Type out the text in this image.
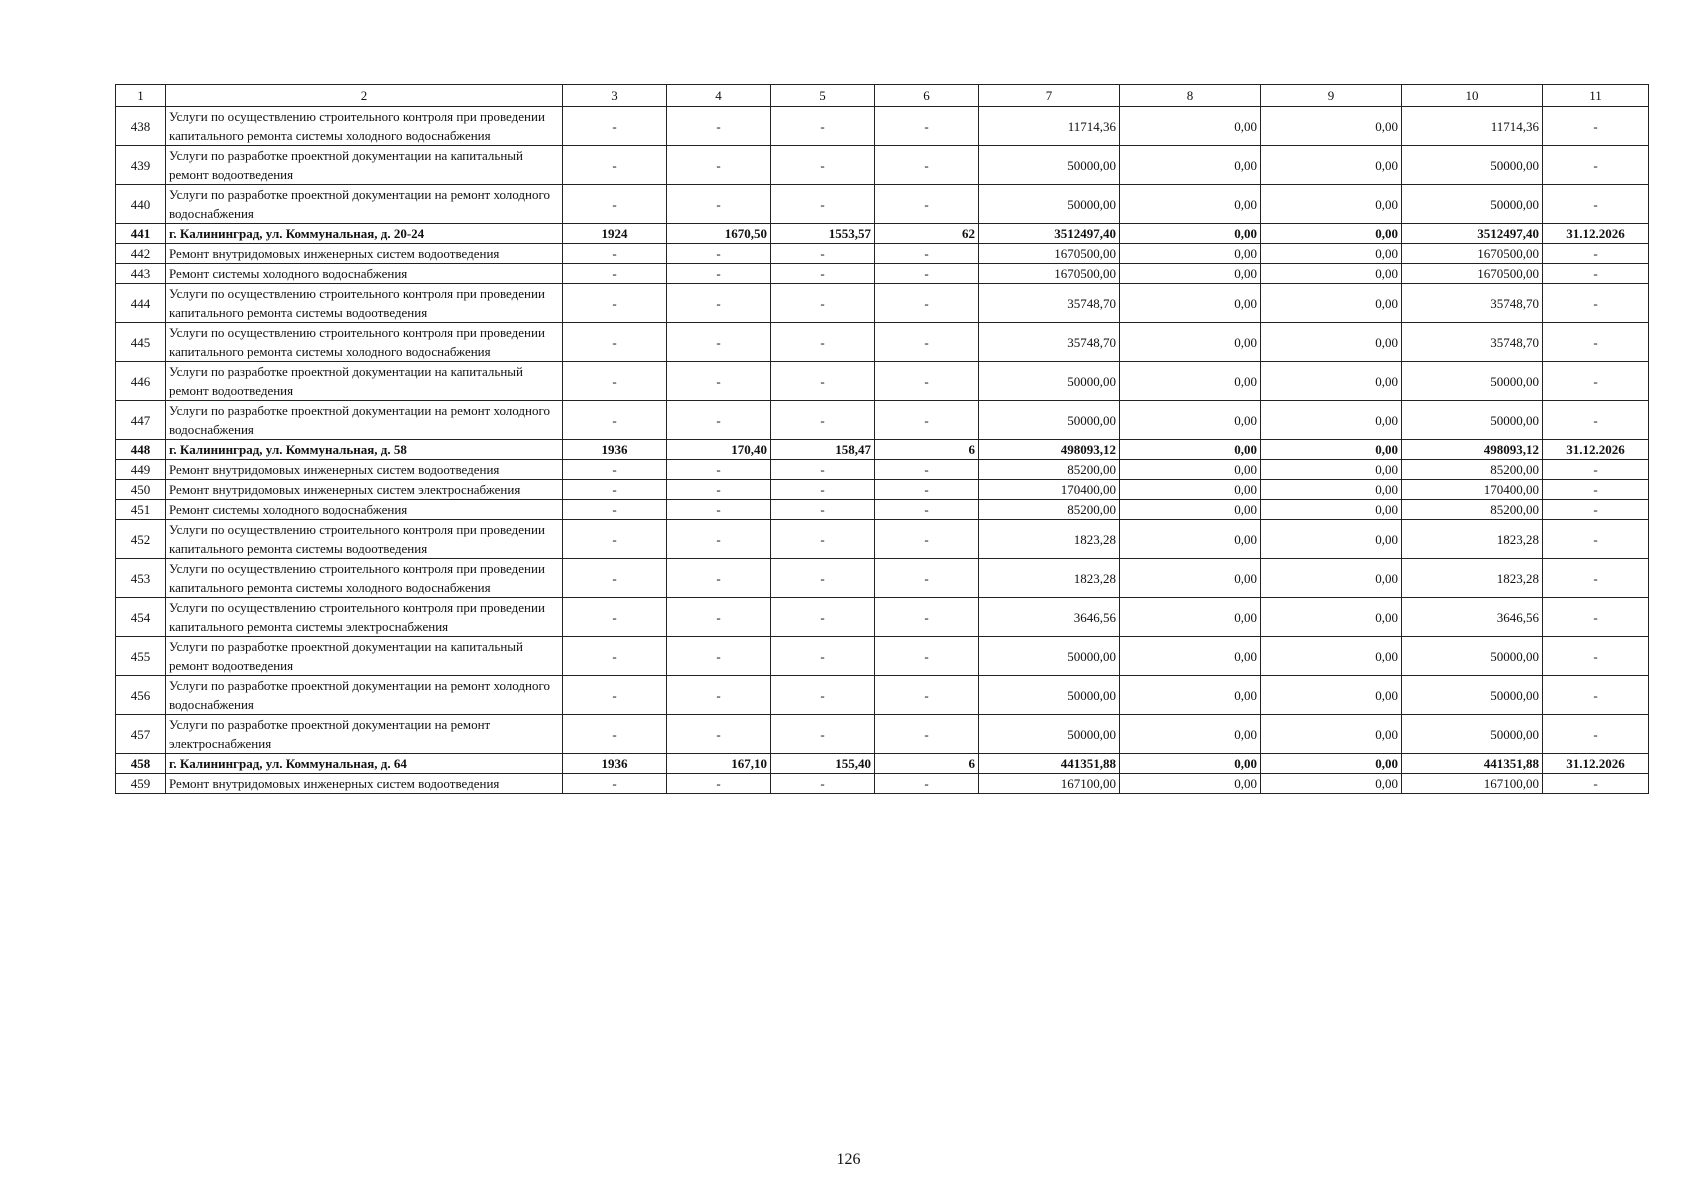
1	2	3	4	5	6	7	8	9	10	11
438	Услуги по осуществлению строительного контроля при проведении капитального ремонта системы холодного водоснабжения	-	-	-	-	11714,36	0,00	0,00	11714,36	-
439	Услуги по разработке проектной документации на капитальный ремонт водоотведения	-	-	-	-	50000,00	0,00	0,00	50000,00	-
440	Услуги по разработке проектной документации на ремонт холодного водоснабжения	-	-	-	-	50000,00	0,00	0,00	50000,00	-
441	г. Калининград, ул. Коммунальная, д. 20-24	1924	1670,50	1553,57	62	3512497,40	0,00	0,00	3512497,40	31.12.2026
442	Ремонт внутридомовых инженерных систем водоотведения	-	-	-	-	1670500,00	0,00	0,00	1670500,00	-
443	Ремонт системы холодного водоснабжения	-	-	-	-	1670500,00	0,00	0,00	1670500,00	-
444	Услуги по осуществлению строительного контроля при проведении капитального ремонта системы водоотведения	-	-	-	-	35748,70	0,00	0,00	35748,70	-
445	Услуги по осуществлению строительного контроля при проведении капитального ремонта системы холодного водоснабжения	-	-	-	-	35748,70	0,00	0,00	35748,70	-
446	Услуги по разработке проектной документации на капитальный ремонт водоотведения	-	-	-	-	50000,00	0,00	0,00	50000,00	-
447	Услуги по разработке проектной документации на ремонт холодного водоснабжения	-	-	-	-	50000,00	0,00	0,00	50000,00	-
448	г. Калининград, ул. Коммунальная, д. 58	1936	170,40	158,47	6	498093,12	0,00	0,00	498093,12	31.12.2026
449	Ремонт внутридомовых инженерных систем водоотведения	-	-	-	-	85200,00	0,00	0,00	85200,00	-
450	Ремонт внутридомовых инженерных систем электроснабжения	-	-	-	-	170400,00	0,00	0,00	170400,00	-
451	Ремонт системы холодного водоснабжения	-	-	-	-	85200,00	0,00	0,00	85200,00	-
452	Услуги по осуществлению строительного контроля при проведении капитального ремонта системы водоотведения	-	-	-	-	1823,28	0,00	0,00	1823,28	-
453	Услуги по осуществлению строительного контроля при проведении капитального ремонта системы холодного водоснабжения	-	-	-	-	1823,28	0,00	0,00	1823,28	-
454	Услуги по осуществлению строительного контроля при проведении капитального ремонта системы электроснабжения	-	-	-	-	3646,56	0,00	0,00	3646,56	-
455	Услуги по разработке проектной документации на капитальный ремонт водоотведения	-	-	-	-	50000,00	0,00	0,00	50000,00	-
456	Услуги по разработке проектной документации на ремонт холодного водоснабжения	-	-	-	-	50000,00	0,00	0,00	50000,00	-
457	Услуги по разработке проектной документации на ремонт электроснабжения	-	-	-	-	50000,00	0,00	0,00	50000,00	-
458	г. Калининград, ул. Коммунальная, д. 64	1936	167,10	155,40	6	441351,88	0,00	0,00	441351,88	31.12.2026
459	Ремонт внутридомовых инженерных систем водоотведения	-	-	-	-	167100,00	0,00	0,00	167100,00	-
126
